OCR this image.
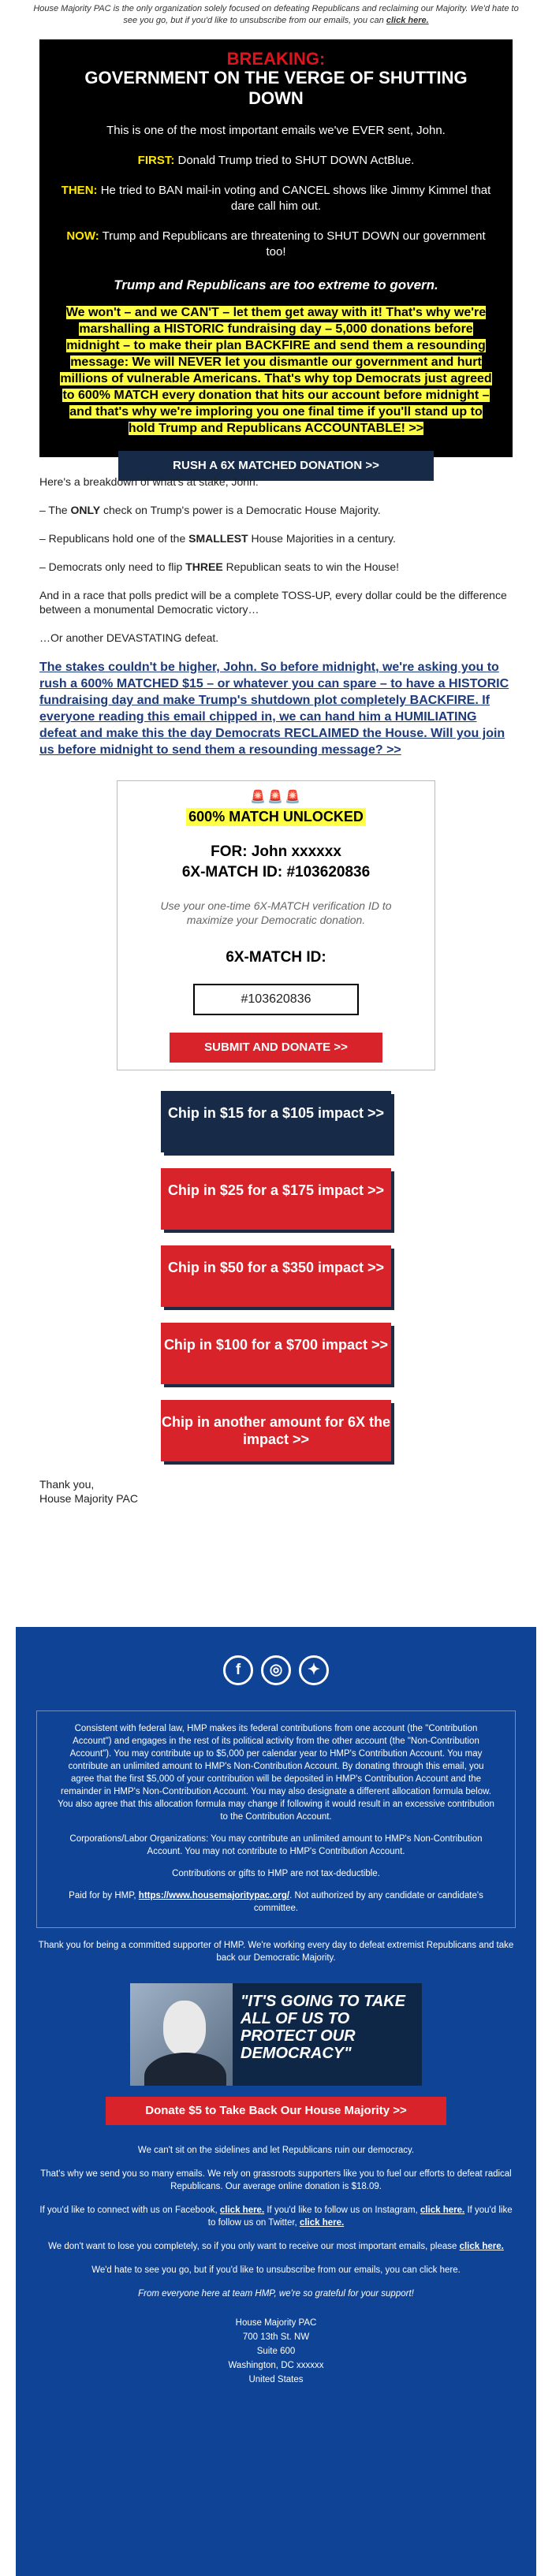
House Majority PAC is the only organization solely focused on defeating Republicans and reclaiming our Majority. We'd hate to see you go, but if you'd like to unsubscribe from our emails, you can click here.
BREAKING:
GOVERNMENT ON THE VERGE OF SHUTTING DOWN

This is one of the most important emails we've EVER sent, John.

FIRST: Donald Trump tried to SHUT DOWN ActBlue.

THEN: He tried to BAN mail-in voting and CANCEL shows like Jimmy Kimmel that dare call him out.

NOW: Trump and Republicans are threatening to SHUT DOWN our government too!

Trump and Republicans are too extreme to govern.

We won't – and we CAN'T – let them get away with it! That's why we're marshalling a HISTORIC fundraising day – 5,000 donations before midnight – to make their plan BACKFIRE and send them a resounding message: We will NEVER let you dismantle our government and hurt millions of vulnerable Americans. That's why top Democrats just agreed to 600% MATCH every donation that hits our account before midnight – and that's why we're imploring you one final time if you'll stand up to hold Trump and Republicans ACCOUNTABLE! >>
RUSH A 6X MATCHED DONATION >>

Here's a breakdown of what's at stake, John:

– The ONLY check on Trump's power is a Democratic House Majority.

– Republicans hold one of the SMALLEST House Majorities in a century.

– Democrats only need to flip THREE Republican seats to win the House!

And in a race that polls predict will be a complete TOSS-UP, every dollar could be the difference between a monumental Democratic victory…

…Or another DEVASTATING defeat.

The stakes couldn't be higher, John. So before midnight, we're asking you to rush a 600% MATCHED $15 – or whatever you can spare – to have a HISTORIC fundraising day and make Trump's shutdown plot completely BACKFIRE. If everyone reading this email chipped in, we can hand him a HUMILIATING defeat and make this the day Democrats RECLAIMED the House. Will you join us before midnight to send them a resounding message? >>
🚨🚨🚨
600% MATCH UNLOCKED
FOR: John xxxxxx
6X-MATCH ID: #103620836
Use your one-time 6X-MATCH verification ID to maximize your Democratic donation.
6X-MATCH ID:
#103620836
SUBMIT AND DONATE >>
Chip in $15 for a $105 impact >>
Chip in $25 for a $175 impact >>
Chip in $50 for a $350 impact >>
Chip in $100 for a $700 impact >>
Chip in another amount for 6X the impact >>
Thank you,
House Majority PAC
f	◎	✦

Consistent with federal law, HMP makes its federal contributions from one account (the "Contribution Account") and engages in the rest of its political activity from the other account (the "Non-Contribution Account"). You may contribute up to $5,000 per calendar year to HMP's Contribution Account. You may contribute an unlimited amount to HMP's Non-Contribution Account. By donating through this email, you agree that the first $5,000 of your contribution will be deposited in HMP's Contribution Account and the remainder in HMP's Non-Contribution Account. You may also designate a different allocation formula below. You also agree that this allocation formula may change if following it would result in an excessive contribution to the Contribution Account.

Corporations/Labor Organizations: You may contribute an unlimited amount to HMP's Non-Contribution Account. You may not contribute to HMP's Contribution Account.

Contributions or gifts to HMP are not tax-deductible.

Paid for by HMP, https://www.housemajoritypac.org/. Not authorized by any candidate or candidate's committee.

Thank you for being a committed supporter of HMP. We're working every day to defeat extremist Republicans and take back our Democratic Majority.

"IT'S GOING TO TAKE ALL OF US TO PROTECT OUR DEMOCRACY"
Donate $5 to Take Back Our House Majority >>

We can't sit on the sidelines and let Republicans ruin our democracy.

That's why we send you so many emails. We rely on grassroots supporters like you to fuel our efforts to defeat radical Republicans. Our average online donation is $18.09.

If you'd like to connect with us on Facebook, click here. If you'd like to follow us on Instagram, click here. If you'd like to follow us on Twitter, click here.

We don't want to lose you completely, so if you only want to receive our most important emails, please click here.

We'd hate to see you go, but if you'd like to unsubscribe from our emails, you can click here.

From everyone here at team HMP, we're so grateful for your support!

House Majority PAC
700 13th St. NW
Suite 600
Washington, DC xxxxxx
United States
